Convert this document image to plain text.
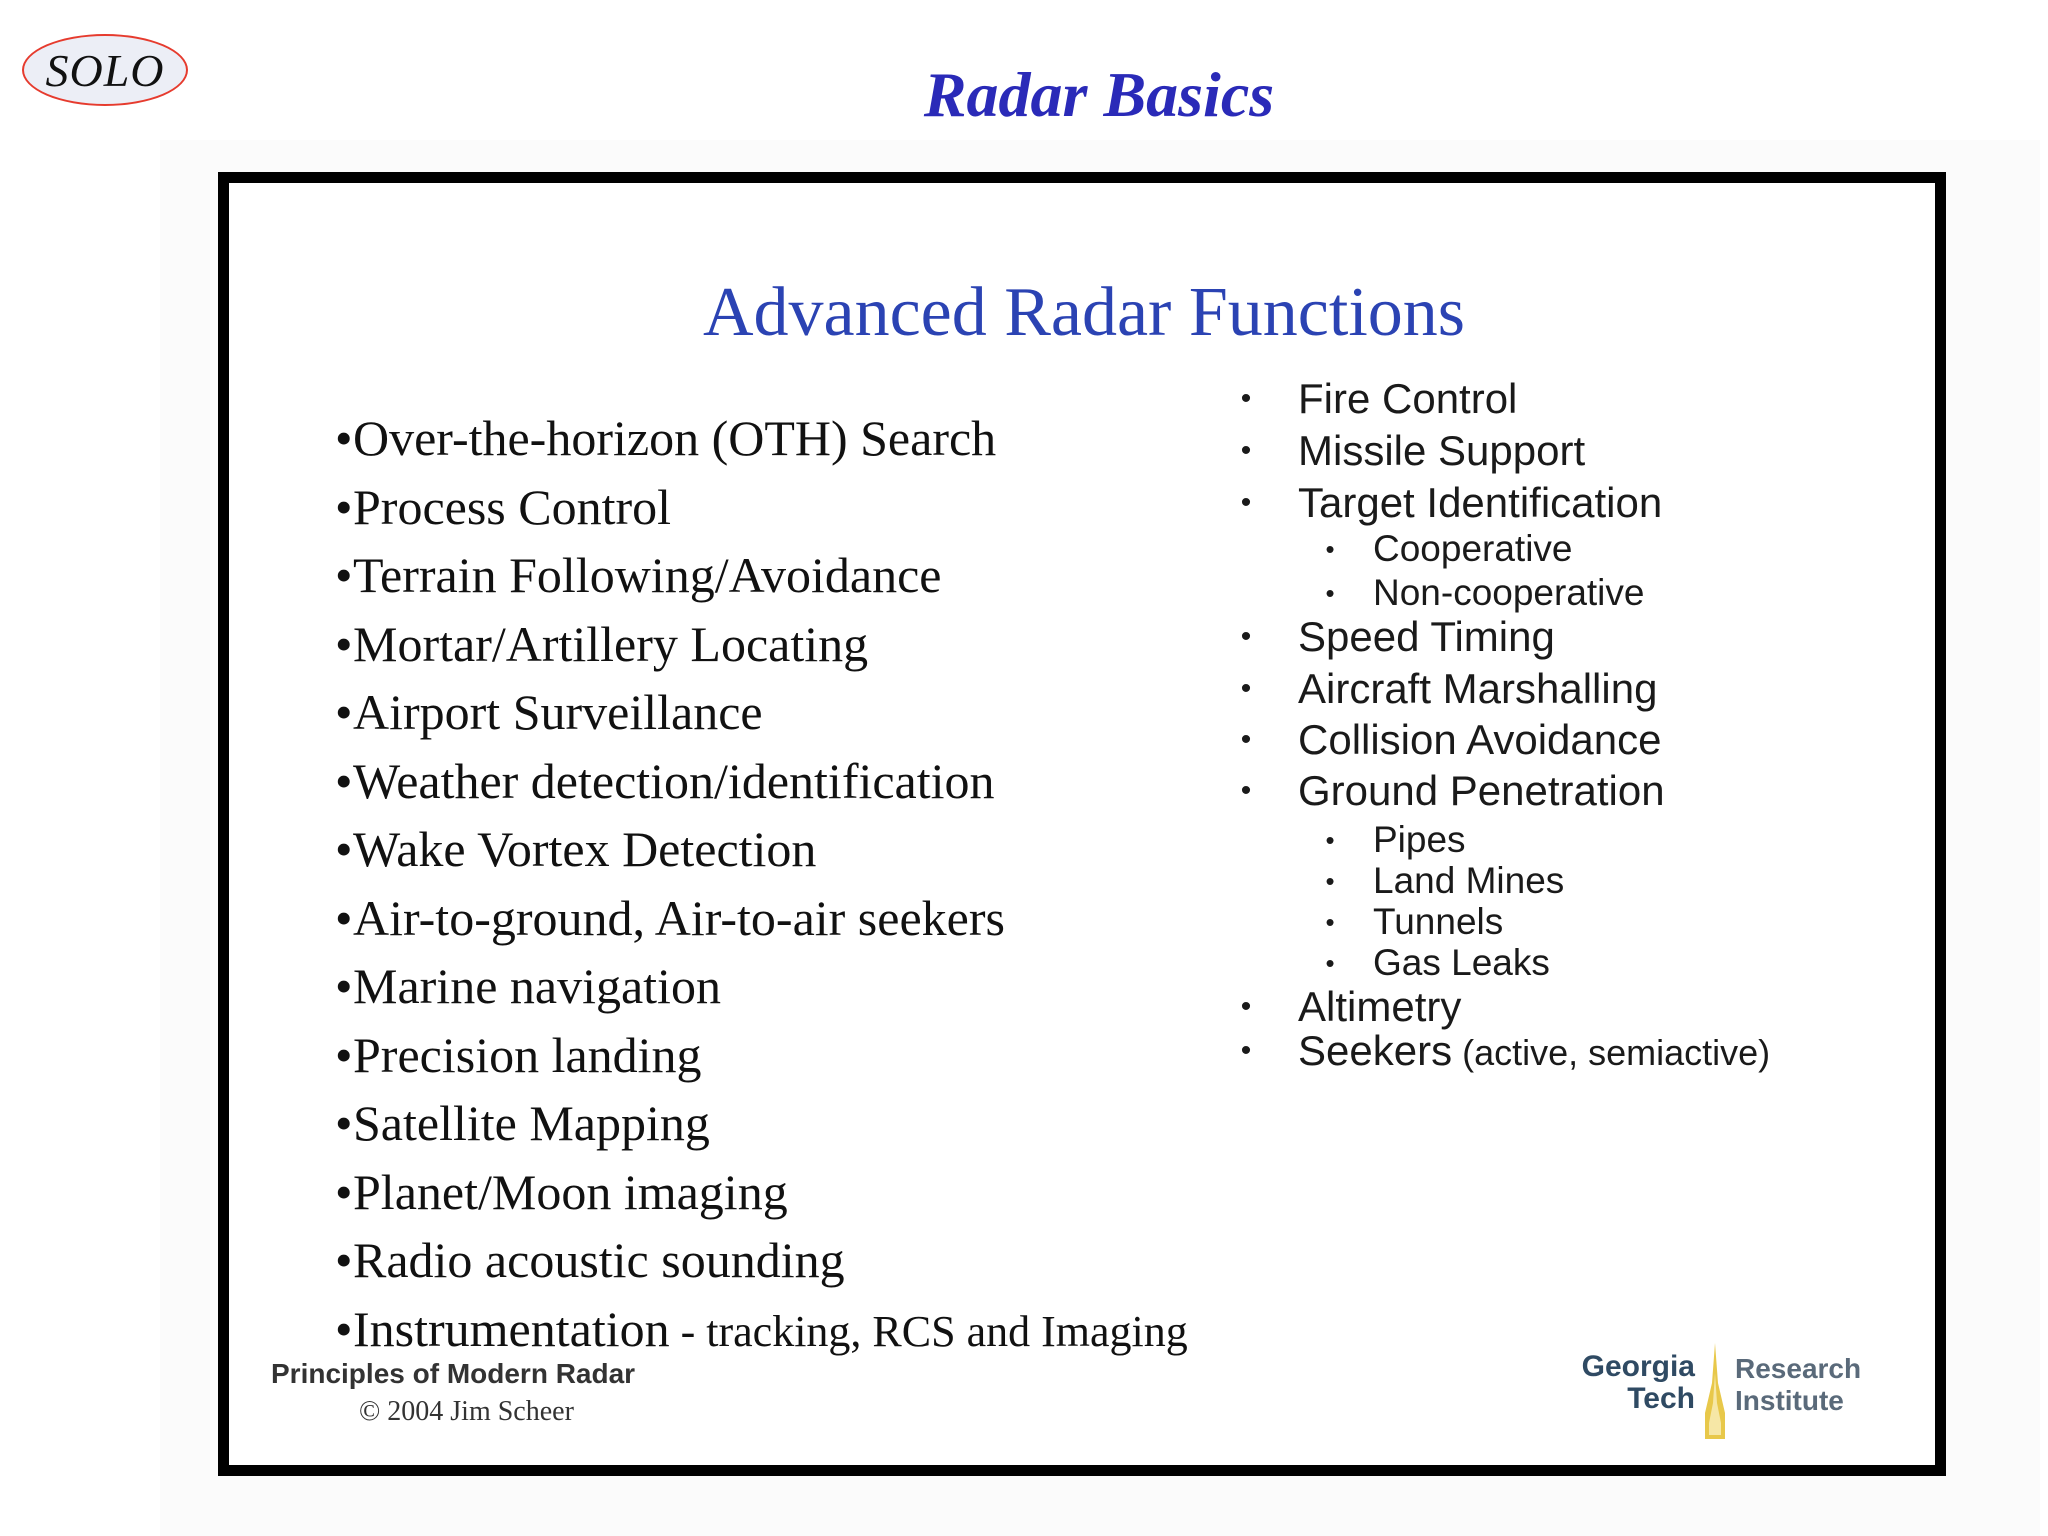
SOLO	Radar Basics
Advanced Radar Functions
•Over-the-horizon (OTH) Search
•Process Control
•Terrain Following/Avoidance
•Mortar/Artillery Locating
•Airport Surveillance
•Weather detection/identification
•Wake Vortex Detection
•Air-to-ground, Air-to-air seekers
•Marine navigation
•Precision landing
•Satellite Mapping
•Planet/Moon imaging
•Radio acoustic sounding
•Instrumentation - tracking, RCS and Imaging
• Fire Control
• Missile Support
• Target Identification
• Cooperative
• Non-cooperative
• Speed Timing
• Aircraft Marshalling
• Collision Avoidance
• Ground Penetration
• Pipes
• Land Mines
• Tunnels
• Gas Leaks
• Altimetry
• Seekers (active, semiactive)
Principles of Modern Radar
© 2004 Jim Scheer
Georgia
Tech
Research
Institute
